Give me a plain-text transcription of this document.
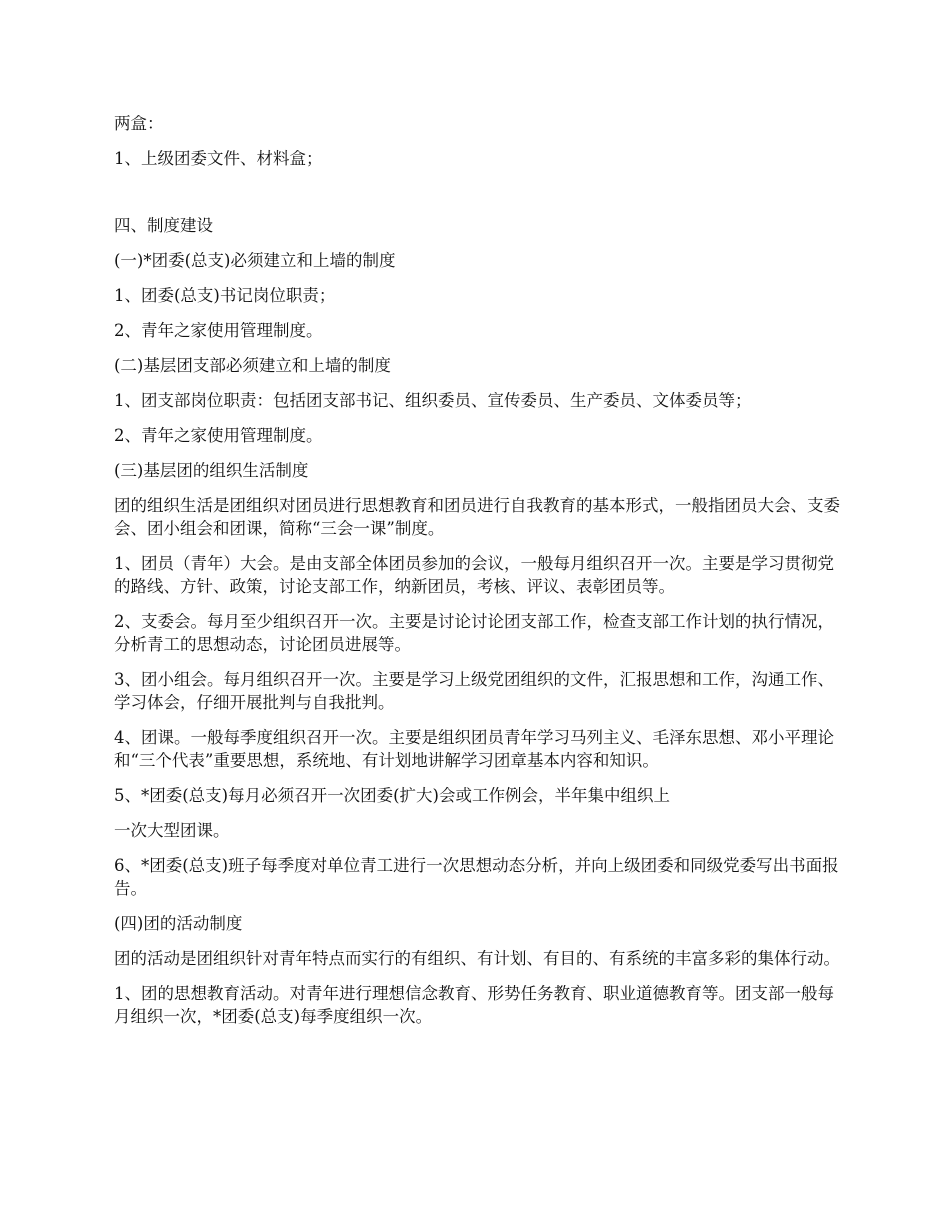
两盒：

1、上级团委文件、材料盒；

四、制度建设

(一)*团委(总支)必须建立和上墙的制度

1、团委(总支)书记岗位职责；

2、青年之家使用管理制度。

(二)基层团支部必须建立和上墙的制度

1、团支部岗位职责：包括团支部书记、组织委员、宣传委员、生产委员、文体委员等；

2、青年之家使用管理制度。

(三)基层团的组织生活制度

团的组织生活是团组织对团员进行思想教育和团员进行自我教育的基本形式，一般指团员大会、支委会、团小组会和团课，简称“三会一课”制度。

1、团员（青年）大会。是由支部全体团员参加的会议，一般每月组织召开一次。主要是学习贯彻党的路线、方针、政策，讨论支部工作，纳新团员，考核、评议、表彰团员等。

2、支委会。每月至少组织召开一次。主要是讨论讨论团支部工作，检查支部工作计划的执行情况，分析青工的思想动态，讨论团员进展等。

3、团小组会。每月组织召开一次。主要是学习上级党团组织的文件，汇报思想和工作，沟通工作、学习体会，仔细开展批判与自我批判。

4、团课。一般每季度组织召开一次。主要是组织团员青年学习马列主义、毛泽东思想、邓小平理论和“三个代表”重要思想，系统地、有计划地讲解学习团章基本内容和知识。

5、*团委(总支)每月必须召开一次团委(扩大)会或工作例会，半年集中组织上

一次大型团课。

6、*团委(总支)班子每季度对单位青工进行一次思想动态分析，并向上级团委和同级党委写出书面报告。

(四)团的活动制度

团的活动是团组织针对青年特点而实行的有组织、有计划、有目的、有系统的丰富多彩的集体行动。

1、团的思想教育活动。对青年进行理想信念教育、形势任务教育、职业道德教育等。团支部一般每月组织一次，*团委(总支)每季度组织一次。
